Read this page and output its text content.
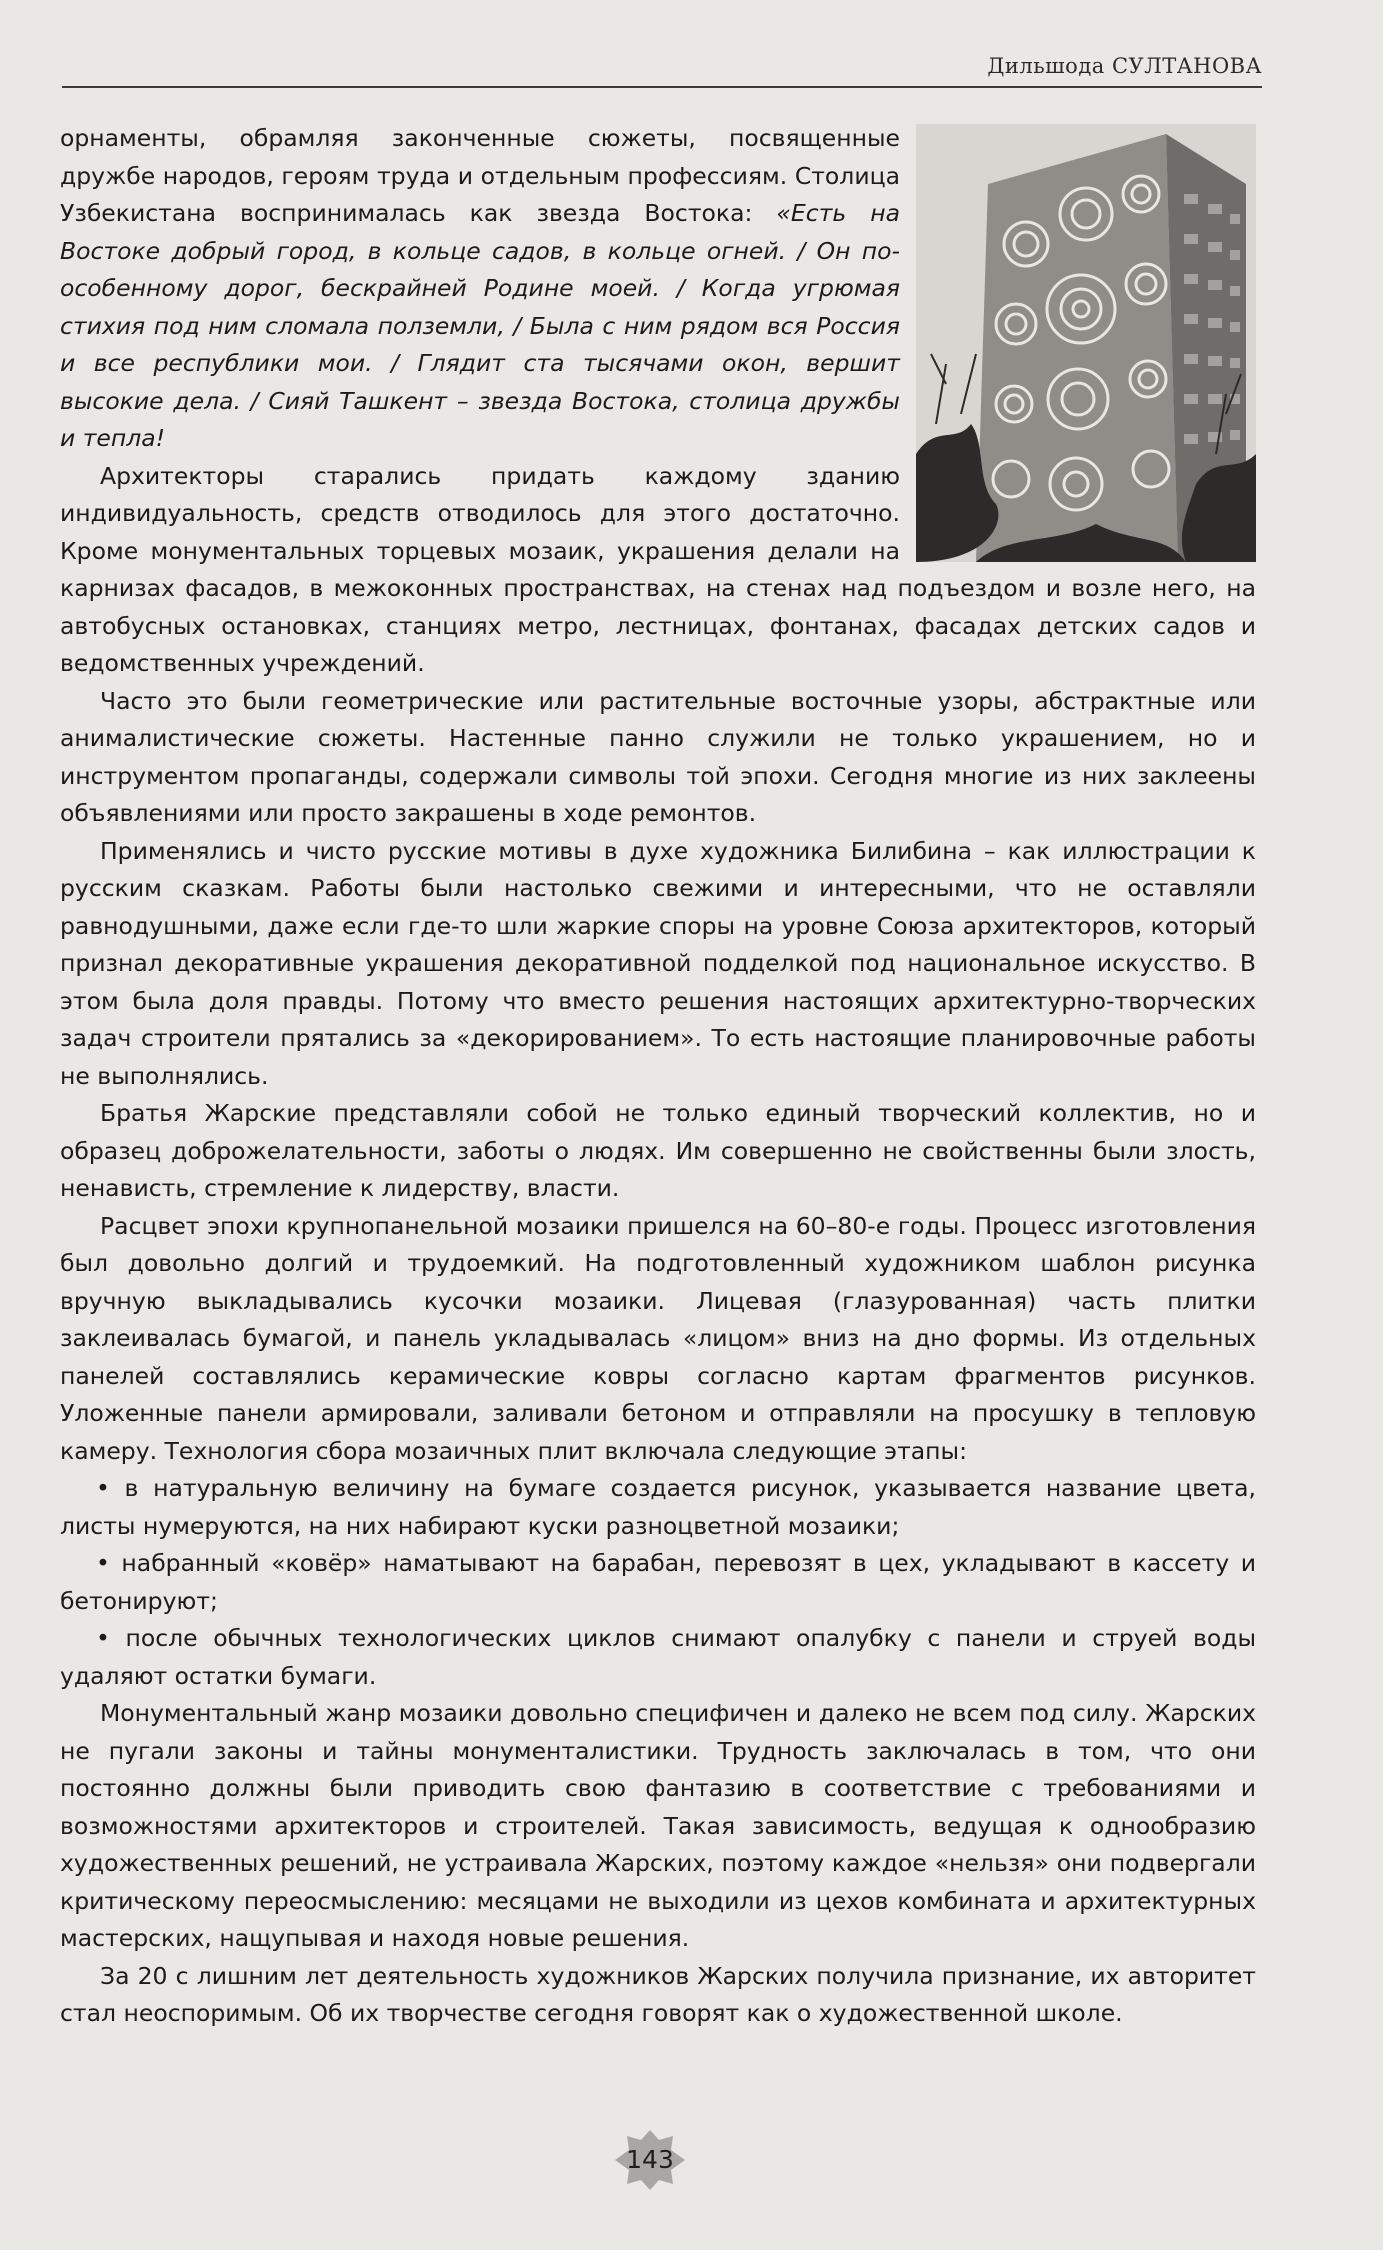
Дильшода СУЛТАНОВА

орнаменты, обрамляя законченные сюжеты, посвященные дружбе народов, героям труда и отдельным профессиям. Столица Узбекистана воспринималась как звезда Востока: «Есть на Востоке добрый город, в кольце садов, в кольце огней. / Он по-особенному дорог, бескрайней Родине моей. / Когда угрюмая стихия под ним сломала полземли, / Была с ним рядом вся Россия и все республики мои. / Глядит ста тысячами окон, вершит высокие дела. / Сияй Ташкент – звезда Востока, столица дружбы и тепла!

Архитекторы старались придать каждому зданию индивидуальность, средств отводилось для этого достаточно. Кроме монументальных торцевых мозаик, украшения делали на карнизах фасадов, в межоконных пространствах, на стенах над подъездом и возле него, на автобусных остановках, станциях метро, лестницах, фонтанах, фасадах детских садов и ведомственных учреждений.

Часто это были геометрические или растительные восточные узоры, абстрактные или анималистические сюжеты. Настенные панно служили не только украшением, но и инструментом пропаганды, содержали символы той эпохи. Сегодня многие из них заклеены объявлениями или просто закрашены в ходе ремонтов.

Применялись и чисто русские мотивы в духе художника Билибина – как иллюстрации к русским сказкам. Работы были настолько свежими и интересными, что не оставляли равнодушными, даже если где-то шли жаркие споры на уровне Союза архитекторов, который признал декоративные украшения декоративной подделкой под национальное искусство. В этом была доля правды. Потому что вместо решения настоящих архитектурно-творческих задач строители прятались за «декорированием». То есть настоящие планировочные работы не выполнялись.

Братья Жарские представляли собой не только единый творческий коллектив, но и образец доброжелательности, заботы о людях. Им совершенно не свойственны были злость, ненависть, стремление к лидерству, власти.

Расцвет эпохи крупнопанельной мозаики пришелся на 60–80-е годы. Процесс изготовления был довольно долгий и трудоемкий. На подготовленный художником шаблон рисунка вручную выкладывались кусочки мозаики. Лицевая (глазурованная) часть плитки заклеивалась бумагой, и панель укладывалась «лицом» вниз на дно формы. Из отдельных панелей составлялись керамические ковры согласно картам фрагментов рисунков. Уложенные панели армировали, заливали бетоном и отправляли на просушку в тепловую камеру. Технология сбора мозаичных плит включала следующие этапы:

• в натуральную величину на бумаге создается рисунок, указывается название цвета, листы нумеруются, на них набирают куски разноцветной мозаики;

• набранный «ковёр» наматывают на барабан, перевозят в цех, укладывают в кассету и бетонируют;

• после обычных технологических циклов снимают опалубку с панели и струей воды удаляют остатки бумаги.

Монументальный жанр мозаики довольно специфичен и далеко не всем под силу. Жарских не пугали законы и тайны монументалистики. Трудность заключалась в том, что они постоянно должны были приводить свою фантазию в соответствие с требованиями и возможностями архитекторов и строителей. Такая зависимость, ведущая к однообразию художественных решений, не устраивала Жарских, поэтому каждое «нельзя» они подвергали критическому переосмыслению: месяцами не выходили из цехов комбината и архитектурных мастерских, нащупывая и находя новые решения.

За 20 с лишним лет деятельность художников Жарских получила признание, их авторитет стал неоспоримым. Об их творчестве сегодня говорят как о художественной школе.

143
